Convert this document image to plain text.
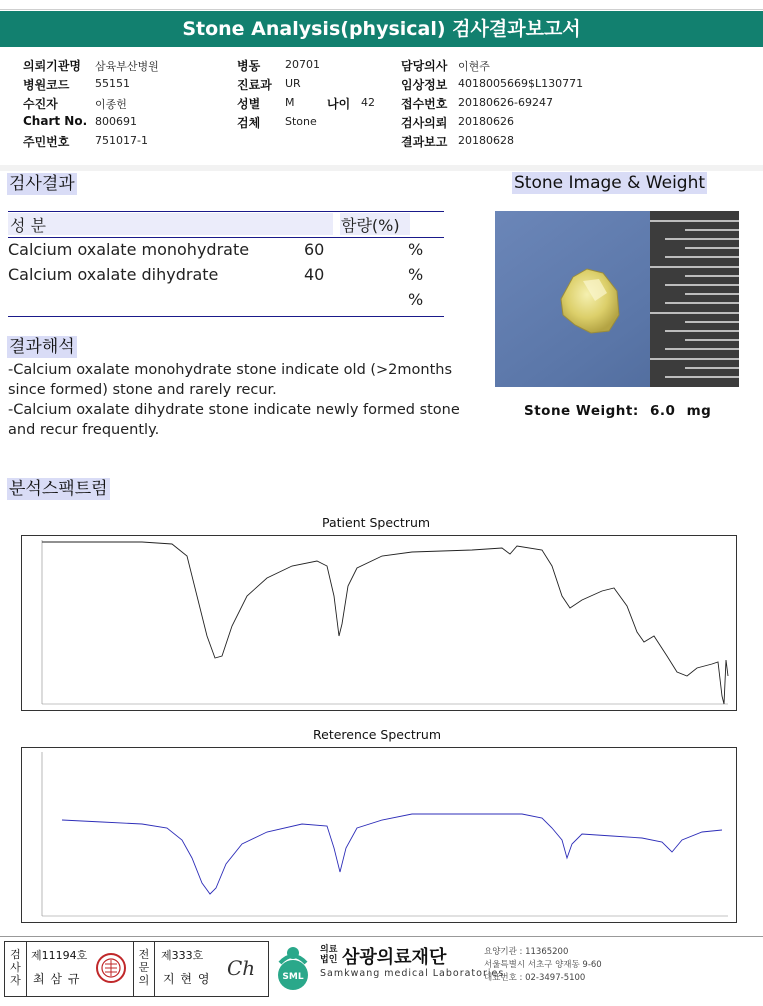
Stone Analysis(physical) 검사결과보고서
의뢰기관명 삼육부산병원
병원코드 55151
수진자	이종헌
Chart No. 800691
주민번호 751017-1
병동 20701
진료과 UR
성별 M
검체 Stone
담당의사 이현주
임상정보 4018005669$L130771
접수번호 20180626-69247
검사의뢰 20180626
결과보고 20180628
나이 42
검사결과
성 분	함량(%)
Calcium oxalate monohydrate	60	%
Calcium oxalate dihydrate	40	%
%
결과해석
-Calcium oxalate monohydrate stone indicate old (>2months since formed) stone and rarely recur.
-Calcium oxalate dihydrate stone indicate newly formed stone and recur frequently.
Stone Image & Weight
Stone Weight: 6.0 mg
분석스팩트럼
Patient Spectrum
Reterence Spectrum
검사자
제11194호
최 삼 규
전문의
제333호
지 현 영 Ch	SML
의료
법인 삼광의료재단
Samkwang medical Laboratories
요양기관 : 11365200
서울특별시 서초구 양재동 9-60
대표번호 : 02-3497-5100
